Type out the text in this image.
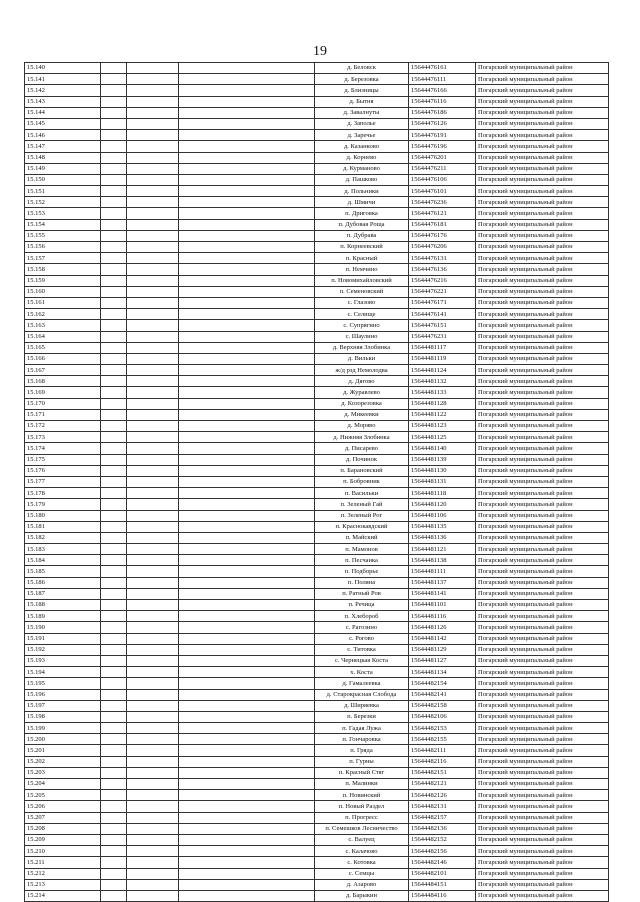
19
15.140				д. Беловск	15644476161	Погарский муниципальный район
15.141				д. Березовка	15644476111	Погарский муниципальный район
15.142				д. Близницы	15644476166	Погарский муниципальный район
15.143				д. Бытня	15644476116	Погарский муниципальный район
15.144				д. Завалнуты	15644476186	Погарский муниципальный район
15.145				д. Заполье	15644476126	Погарский муниципальный район
15.146				д. Заречье	15644476191	Погарский муниципальный район
15.147				д. Казанково	15644476196	Погарский муниципальный район
15.148				д. Корнево	15644476201	Погарский муниципальный район
15.149				д. Курманово	15644476211	Погарский муниципальный район
15.150				д. Пашково	15644476106	Погарский муниципальный район
15.151				д. Польники	15644476101	Погарский муниципальный район
15.152				д. Шмичи	15644476236	Погарский муниципальный район
15.153				п. Дриговка	15644476121	Погарский муниципальный район
15.154				п. Дубовая Роща	15644476181	Погарский муниципальный район
15.155				п. Дубрава	15644476176	Погарский муниципальный район
15.156				п. Корнеевский	15644476206	Погарский муниципальный район
15.157				п. Красный	15644476131	Погарский муниципальный район
15.158				п. Немчино	15644476136	Погарский муниципальный район
15.159				п. Новомихайловский	15644476216	Погарский муниципальный район
15.160				п. Семеновский	15644476221	Погарский муниципальный район
15.161				с. Глазово	15644476171	Погарский муниципальный район
15.162				с. Селище	15644476141	Погарский муниципальный район
15.163				с. Супрягино	15644476151	Погарский муниципальный район
15.164				с. Шаулино	15644476231	Погарский муниципальный район
15.165				д. Верхняя Злобинка	15644481117	Погарский муниципальный район
15.166				д. Вильки	15644481119	Погарский муниципальный район
15.167				ж/д рзд Немолодва	15644481124	Погарский муниципальный район
15.168				д. Дягово	15644481132	Погарский муниципальный район
15.169				д. Журавлево	15644481133	Погарский муниципальный район
15.170				д. Козорезовка	15644481128	Погарский муниципальный район
15.171				д. Микеевки	15644481122	Погарский муниципальный район
15.172				д. Моряво	15644481123	Погарский муниципальный район
15.173				д. Нижняя Злобинка	15644481125	Погарский муниципальный район
15.174				д. Писарево	15644481140	Погарский муниципальный район
15.175				д. Починок	15644481139	Погарский муниципальный район
15.176				п. Барановский	15644481130	Погарский муниципальный район
15.177				п. Бобровник	15644481131	Погарский муниципальный район
15.178				п. Васильки	15644481118	Погарский муниципальный район
15.179				п. Зеленый Гай	15644481120	Погарский муниципальный район
15.180				п. Зеленый Рог	15644481106	Погарский муниципальный район
15.181				п. Краснокавдский	15644481135	Погарский муниципальный район
15.182				п. Майский	15644481136	Погарский муниципальный район
15.183				п. Мамонов	15644481121	Погарский муниципальный район
15.184				п. Песчанка	15644481138	Погарский муниципальный район
15.185				п. Подборье	15644481111	Погарский муниципальный район
15.186				п. Поляна	15644481137	Погарский муниципальный район
15.187				п. Ратный Ров	15644481141	Погарский муниципальный район
15.188				п. Речица	15644481101	Погарский муниципальный район
15.189				п. Хлебороб	15644481116	Погарский муниципальный район
15.190				с. Рагозино	15644481126	Погарский муниципальный район
15.191				с. Рогово	15644481142	Погарский муниципальный район
15.192				с. Титовка	15644481129	Погарский муниципальный район
15.193				с. Чернецкая Коста	15644481127	Погарский муниципальный район
15.194				х. Коста	15644481134	Погарский муниципальный район
15.195				д. Гамалеевка	15644482154	Погарский муниципальный район
15.196				д. Старокрасная Слобода	15644482141	Погарский муниципальный район
15.197				д. Ширяевка	15644482158	Погарский муниципальный район
15.198				п. Березки	15644482106	Погарский муниципальный район
15.199				п. Гадая Лужа	15644482153	Погарский муниципальный район
15.200				п. Гончаровка	15644482155	Погарский муниципальный район
15.201				п. Гряда	15644482111	Погарский муниципальный район
15.202				п. Гурны	15644482116	Погарский муниципальный район
15.203				п. Красный Стяг	15644482151	Погарский муниципальный район
15.204				п. Малинки	15644482121	Погарский муниципальный район
15.205				п. Новинский	15644482126	Погарский муниципальный район
15.206				п. Новый Раздел	15644482131	Погарский муниципальный район
15.207				п. Прогресс	15644482157	Погарский муниципальный район
15.208				п. Семешков Лесничество	15644482136	Погарский муниципальный район
15.209				с. Валуец	15644482152	Погарский муниципальный район
15.210				с. Калачово	15644482156	Погарский муниципальный район
15.211				с. Котовка	15644482146	Погарский муниципальный район
15.212				с. Семцы	15644482101	Погарский муниципальный район
15.213				д. Азарово	15644484151	Погарский муниципальный район
15.214				д. Барыкин	15644484116	Погарский муниципальный район
